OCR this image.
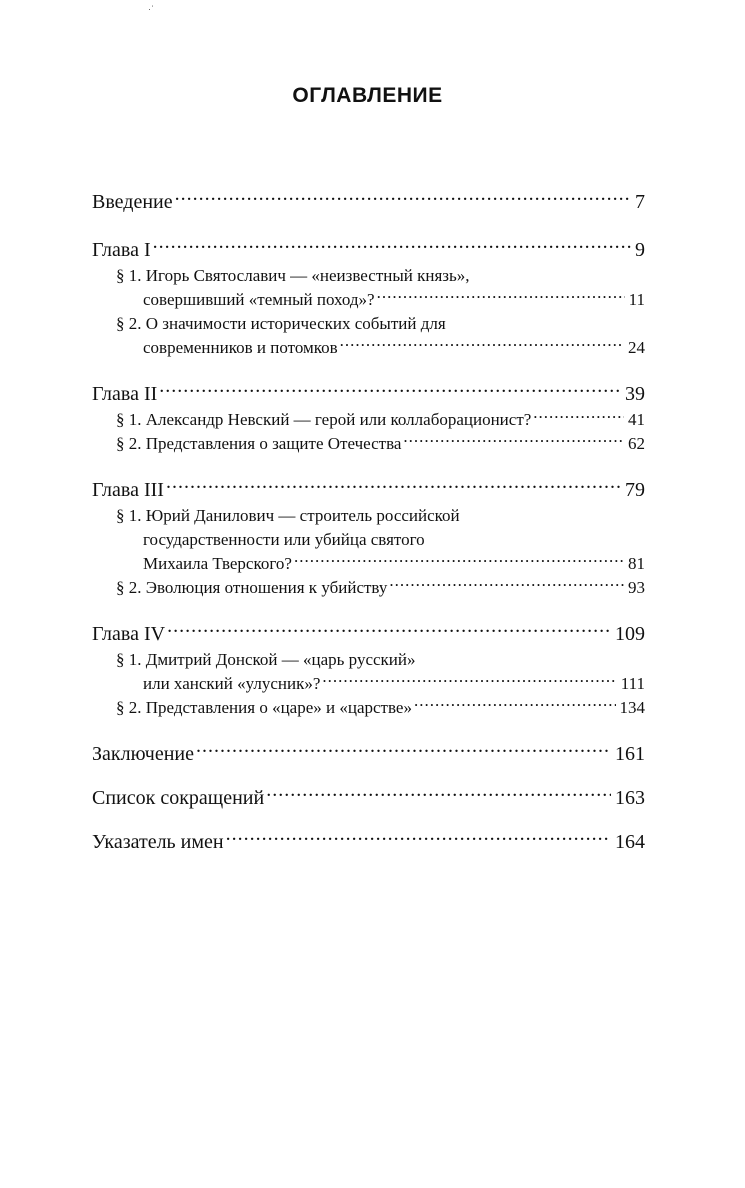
·ʿ
ОГЛАВЛЕНИЕ
Введение .....	7
Глава I .....	9
§ 1. Игорь Святославич — «неизвестный князь»,
совершивший «темный поход»? .....	11
§ 2. О значимости исторических событий для
современников и потомков .....	24
Глава II .....	39
§ 1. Александр Невский — герой или коллаборационист? .....	41
§ 2. Представления о защите Отечества .....	62
Глава III .....	79
§ 1. Юрий Данилович — строитель российской
государственности или убийца святого
Михаила Тверского? .....	81
§ 2. Эволюция отношения к убийству .....	93
Глава IV .....	109
§ 1. Дмитрий Донской — «царь русский»
или ханский «улусник»? .....	111
§ 2. Представления о «царе» и «царстве» .....	134
Заключение .....	161
Список сокращений .....	163
Указатель имен .....	164
